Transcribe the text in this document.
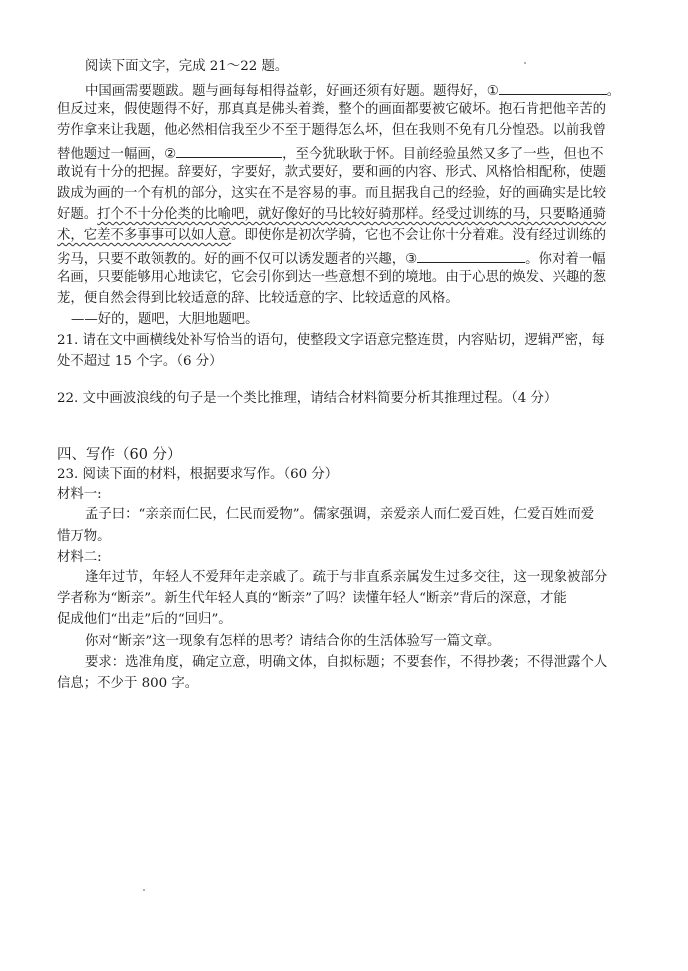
阅读下面文字，完成 21～22 题。
中国画需要题跋。题与画每每相得益彰，好画还须有好题。题得好，①	。
但反过来，假使题得不好，那真真是佛头着粪，整个的画面都要被它破坏。抱石肯把他辛苦的
劳作拿来让我题，他必然相信我至少不至于题得怎么坏，但在我则不免有几分惶恐。以前我曾
替他题过一幅画，②	，至今犹耿耿于怀。目前经验虽然又多了一些，但也不
敢说有十分的把握。辞要好，字要好，款式要好，要和画的内容、形式、风格恰相配称，使题
跋成为画的一个有机的部分，这实在不是容易的事。而且据我自己的经验，好的画确实是比较
好题。打个不十分伦类的比喻吧，就好像好的马比较好骑那样。经受过训练的马，只要略通骑
术，它差不多事事可以如人意。即使你是初次学骑，它也不会让你十分着难。没有经过训练的
劣马，只要不敢领教的。好的画不仅可以诱发题者的兴趣，③	。你对着一幅
名画，只要能够用心地读它，它会引你到达一些意想不到的境地。由于心思的焕发、兴趣的葱
茏，便自然会得到比较适意的辞、比较适意的字、比较适意的风格。
——好的，题吧，大胆地题吧。
21. 请在文中画横线处补写恰当的语句，使整段文字语意完整连贯，内容贴切，逻辑严密，每
处不超过 15 个字。（6 分）
22. 文中画波浪线的句子是一个类比推理，请结合材料简要分析其推理过程。（4 分）
四、写作（60 分）
23. 阅读下面的材料，根据要求写作。（60 分）
材料一:
孟子曰：“亲亲而仁民，仁民而爱物”。儒家强调，亲爱亲人而仁爱百姓，仁爱百姓而爱
惜万物。
材料二:
逢年过节，年轻人不爱拜年走亲戚了。疏于与非直系亲属发生过多交往，这一现象被部分
学者称为“断亲”。新生代年轻人真的“断亲”了吗？读懂年轻人“断亲”背后的深意，才能
促成他们“出走”后的“回归”。
你对“断亲”这一现象有怎样的思考？请结合你的生活体验写一篇文章。
要求：选准角度，确定立意，明确文体，自拟标题；不要套作，不得抄袭；不得泄露个人
信息；不少于 800 字。
